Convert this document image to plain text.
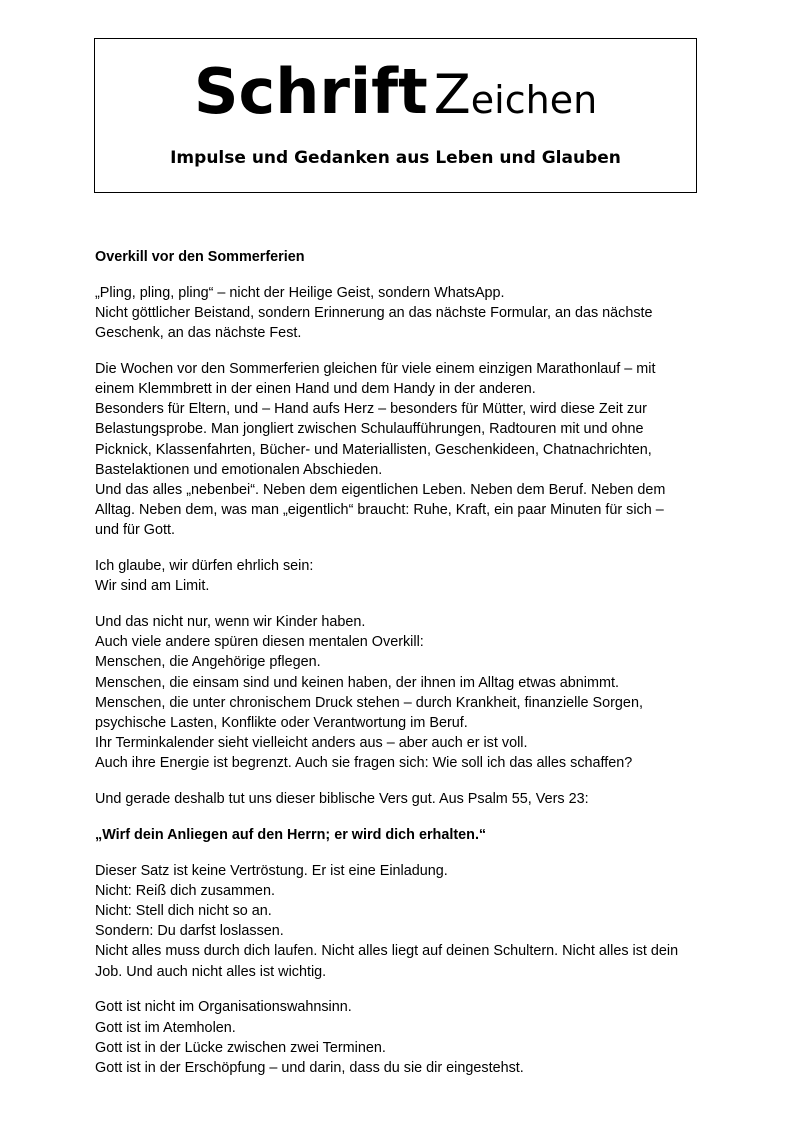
Schrift Zeichen
Impulse und Gedanken aus Leben und Glauben

Overkill vor den Sommerferien

„Pling, pling, pling“ – nicht der Heilige Geist, sondern WhatsApp.
Nicht göttlicher Beistand, sondern Erinnerung an das nächste Formular, an das nächste
Geschenk, an das nächste Fest.

Die Wochen vor den Sommerferien gleichen für viele einem einzigen Marathonlauf – mit
einem Klemmbrett in der einen Hand und dem Handy in der anderen.
Besonders für Eltern, und – Hand aufs Herz – besonders für Mütter, wird diese Zeit zur
Belastungsprobe. Man jongliert zwischen Schulaufführungen, Radtouren mit und ohne
Picknick, Klassenfahrten, Bücher- und Materiallisten, Geschenkideen, Chatnachrichten,
Bastelaktionen und emotionalen Abschieden.
Und das alles „nebenbei“. Neben dem eigentlichen Leben. Neben dem Beruf. Neben dem
Alltag. Neben dem, was man „eigentlich“ braucht: Ruhe, Kraft, ein paar Minuten für sich –
und für Gott.

Ich glaube, wir dürfen ehrlich sein:
Wir sind am Limit.

Und das nicht nur, wenn wir Kinder haben.
Auch viele andere spüren diesen mentalen Overkill:
Menschen, die Angehörige pflegen.
Menschen, die einsam sind und keinen haben, der ihnen im Alltag etwas abnimmt.
Menschen, die unter chronischem Druck stehen – durch Krankheit, finanzielle Sorgen,
psychische Lasten, Konflikte oder Verantwortung im Beruf.
Ihr Terminkalender sieht vielleicht anders aus – aber auch er ist voll.
Auch ihre Energie ist begrenzt. Auch sie fragen sich: Wie soll ich das alles schaffen?

Und gerade deshalb tut uns dieser biblische Vers gut. Aus Psalm 55, Vers 23:

„Wirf dein Anliegen auf den Herrn; er wird dich erhalten.“

Dieser Satz ist keine Vertröstung. Er ist eine Einladung.
Nicht: Reiß dich zusammen.
Nicht: Stell dich nicht so an.
Sondern: Du darfst loslassen.
Nicht alles muss durch dich laufen. Nicht alles liegt auf deinen Schultern. Nicht alles ist dein
Job. Und auch nicht alles ist wichtig.

Gott ist nicht im Organisationswahnsinn.
Gott ist im Atemholen.
Gott ist in der Lücke zwischen zwei Terminen.
Gott ist in der Erschöpfung – und darin, dass du sie dir eingestehst.
